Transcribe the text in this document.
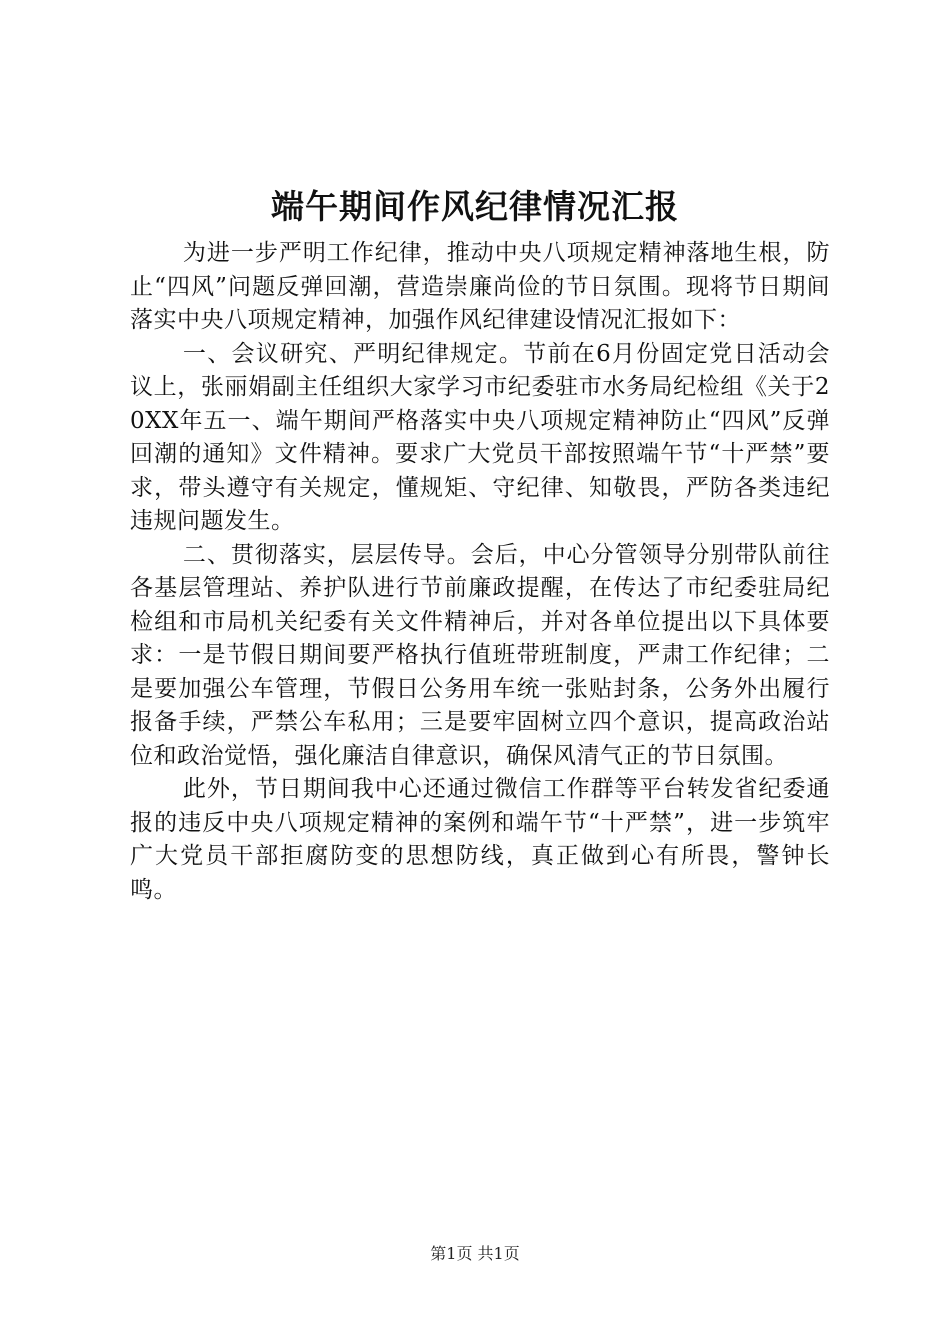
端午期间作风纪律情况汇报

为进一步严明工作纪律，推动中央八项规定精神落地生根，防止“四风”问题反弹回潮，营造崇廉尚俭的节日氛围。现将节日期间落实中央八项规定精神，加强作风纪律建设情况汇报如下：

一、会议研究、严明纪律规定。节前在6月份固定党日活动会议上，张丽娟副主任组织大家学习市纪委驻市水务局纪检组《关于20XX年五一、端午期间严格落实中央八项规定精神防止“四风”反弹回潮的通知》文件精神。要求广大党员干部按照端午节“十严禁”要求，带头遵守有关规定，懂规矩、守纪律、知敬畏，严防各类违纪违规问题发生。

二、贯彻落实，层层传导。会后，中心分管领导分别带队前往各基层管理站、养护队进行节前廉政提醒，在传达了市纪委驻局纪检组和市局机关纪委有关文件精神后，并对各单位提出以下具体要求：一是节假日期间要严格执行值班带班制度，严肃工作纪律；二是要加强公车管理，节假日公务用车统一张贴封条，公务外出履行报备手续，严禁公车私用；三是要牢固树立四个意识，提高政治站位和政治觉悟，强化廉洁自律意识，确保风清气正的节日氛围。

此外，节日期间我中心还通过微信工作群等平台转发省纪委通报的违反中央八项规定精神的案例和端午节“十严禁”，进一步筑牢广大党员干部拒腐防变的思想防线，真正做到心有所畏，警钟长鸣。

第1页 共1页
